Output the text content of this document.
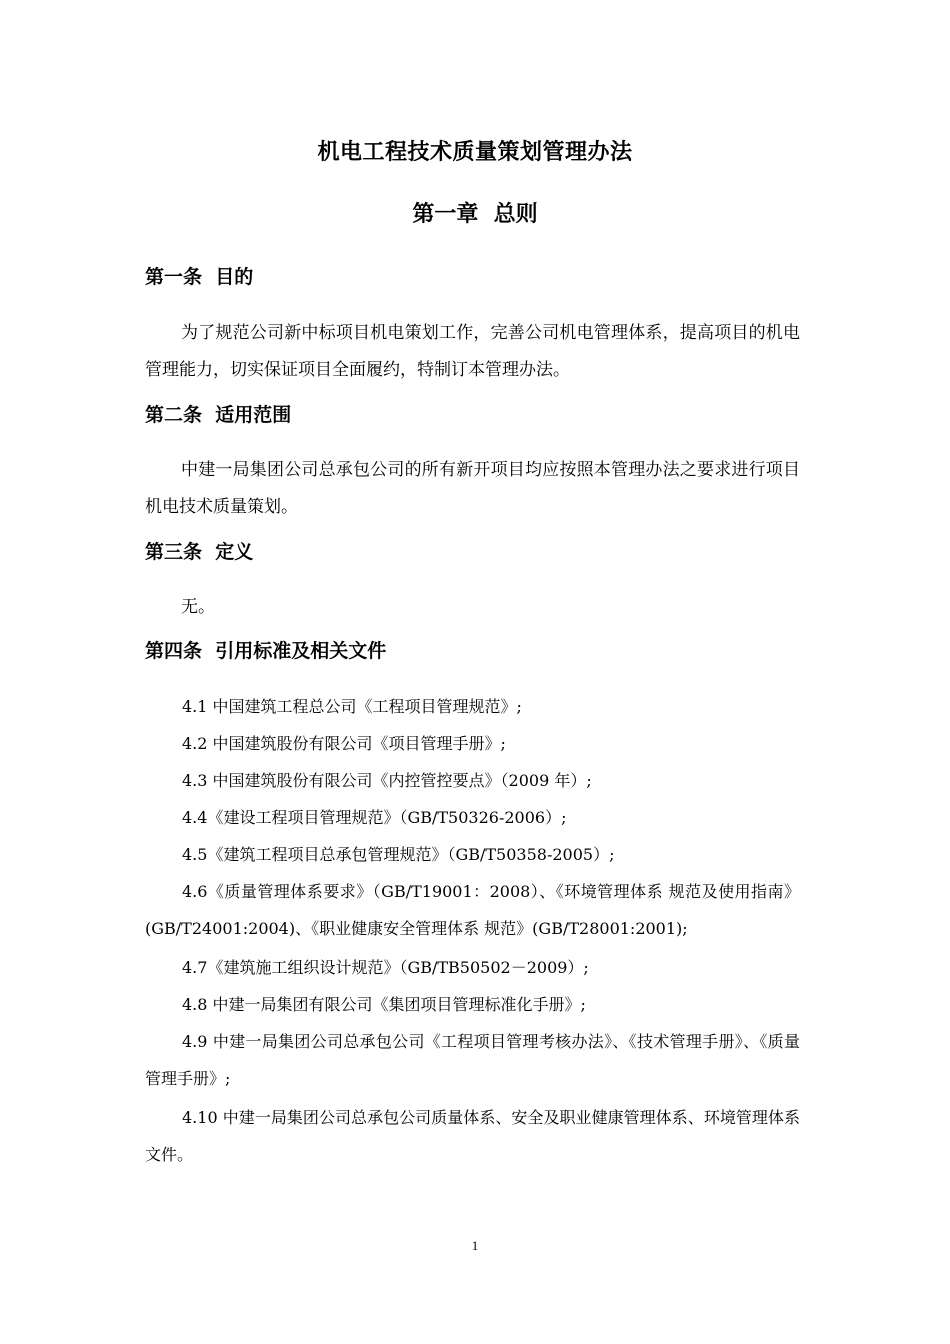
机电工程技术质量策划管理办法
第一章  总则
第一条  目的
为了规范公司新中标项目机电策划工作，完善公司机电管理体系，提高项目的机电管理能力，切实保证项目全面履约，特制订本管理办法。
第二条  适用范围
中建一局集团公司总承包公司的所有新开项目均应按照本管理办法之要求进行项目机电技术质量策划。
第三条  定义
无。
第四条  引用标准及相关文件
4.1 中国建筑工程总公司《工程项目管理规范》;
4.2 中国建筑股份有限公司《项目管理手册》;
4.3 中国建筑股份有限公司《内控管控要点》（2009 年）;
4.4《建设工程项目管理规范》（GB/T50326-2006）;
4.5《建筑工程项目总承包管理规范》（GB/T50358-2005）;
4.6《质量管理体系要求》（GB/T19001：2008）、《环境管理体系 规范及使用指南》(GB/T24001:2004)、《职业健康安全管理体系 规范》(GB/T28001:2001);
4.7《建筑施工组织设计规范》（GB/TB50502－2009）;
4.8 中建一局集团有限公司《集团项目管理标准化手册》;
4.9 中建一局集团公司总承包公司《工程项目管理考核办法》、《技术管理手册》、《质量管理手册》;
4.10 中建一局集团公司总承包公司质量体系、安全及职业健康管理体系、环境管理体系文件。
1
